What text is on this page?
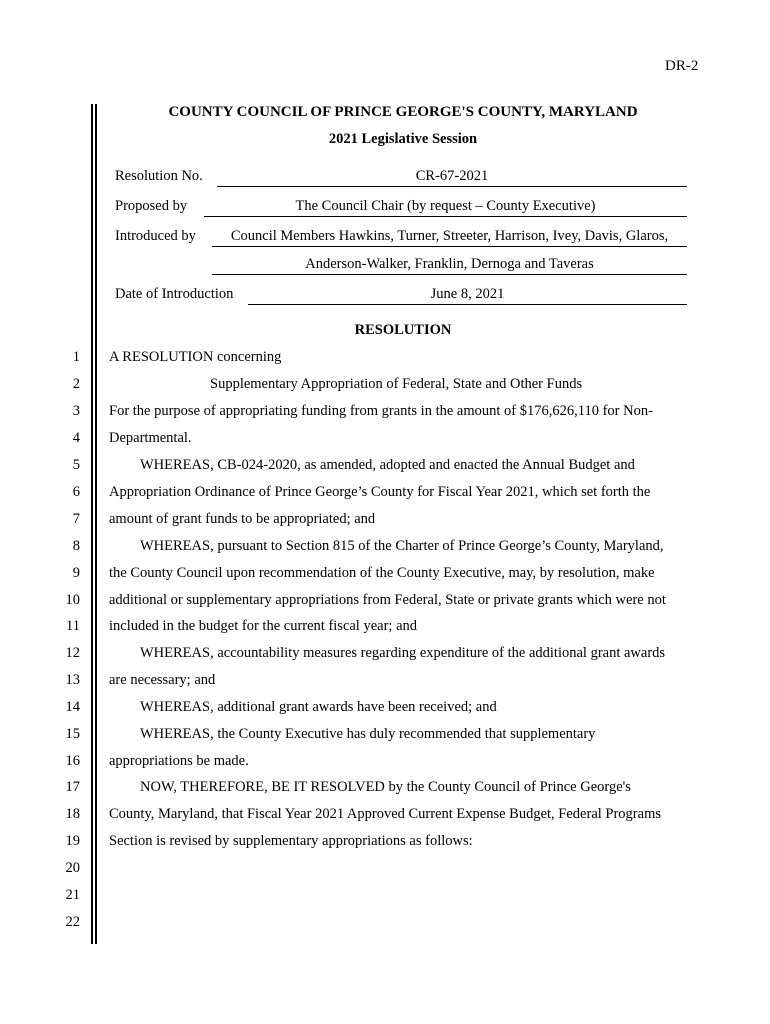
DR-2
COUNTY COUNCIL OF PRINCE GEORGE'S COUNTY, MARYLAND
2021 Legislative Session
Resolution No.	CR-67-2021
Proposed by	The Council Chair (by request – County Executive)
Introduced by	Council Members Hawkins, Turner, Streeter, Harrison, Ivey, Davis, Glaros,
Anderson-Walker, Franklin, Dernoga and Taveras
Date of Introduction	June 8, 2021
RESOLUTION
1 A RESOLUTION concerning
2	Supplementary Appropriation of Federal, State and Other Funds
3 For the purpose of appropriating funding from grants in the amount of $176,626,110 for Non-
4 Departmental.
5	WHEREAS, CB-024-2020, as amended, adopted and enacted the Annual Budget and
6 Appropriation Ordinance of Prince George’s County for Fiscal Year 2021, which set forth the
7 amount of grant funds to be appropriated; and
8	WHEREAS, pursuant to Section 815 of the Charter of Prince George’s County, Maryland,
9 the County Council upon recommendation of the County Executive, may, by resolution, make
10 additional or supplementary appropriations from Federal, State or private grants which were not
11 included in the budget for the current fiscal year; and
12	WHEREAS, accountability measures regarding expenditure of the additional grant awards
13 are necessary; and
14	WHEREAS, additional grant awards have been received; and
15	WHEREAS, the County Executive has duly recommended that supplementary
16 appropriations be made.
17	NOW, THEREFORE, BE IT RESOLVED by the County Council of Prince George's
18 County, Maryland, that Fiscal Year 2021 Approved Current Expense Budget, Federal Programs
19 Section is revised by supplementary appropriations as follows:
20
21
22
